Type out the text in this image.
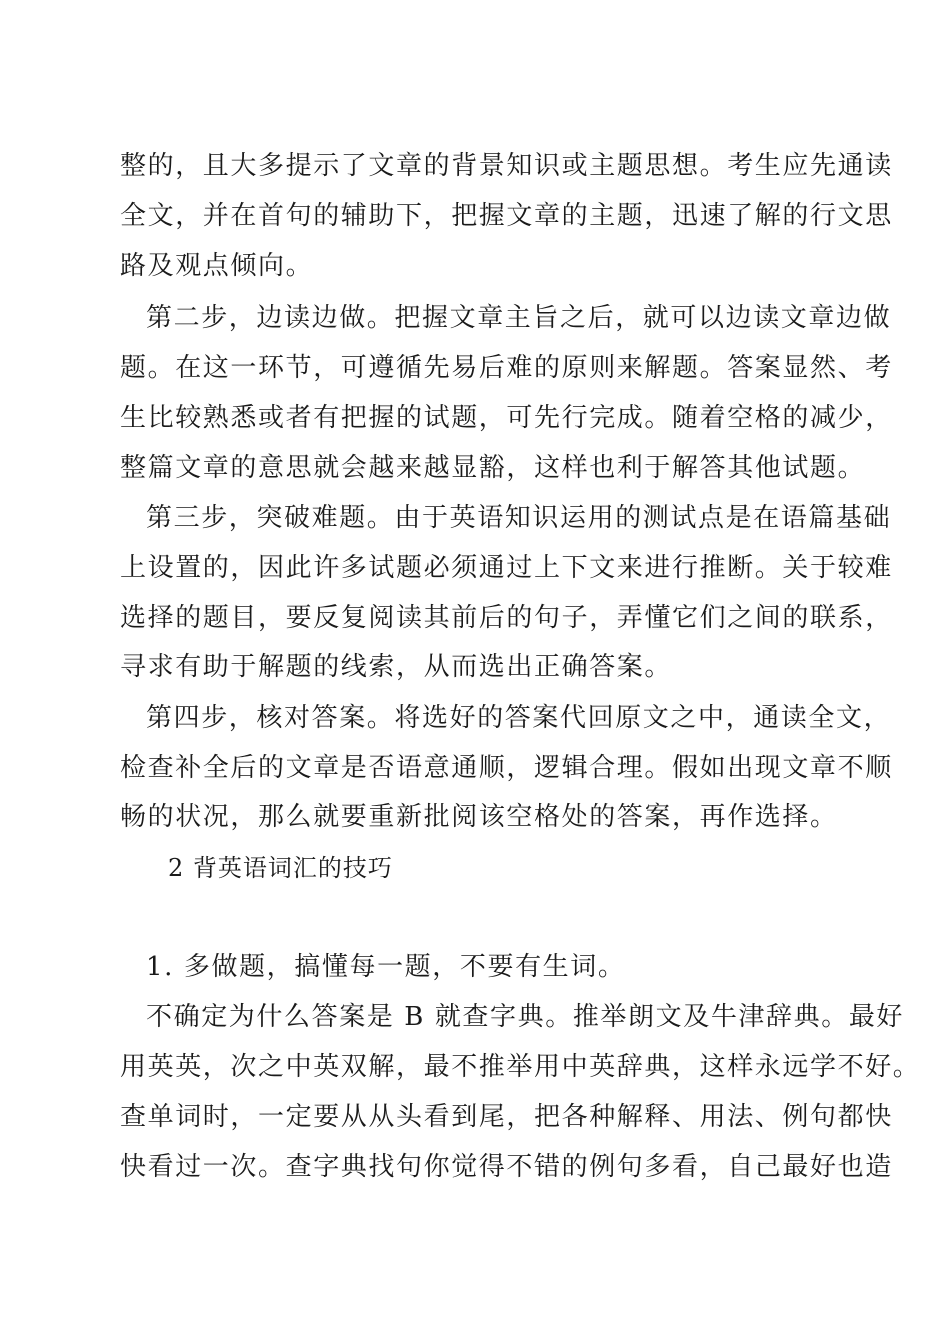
整的，且大多提示了文章的背景知识或主题思想。考生应先通读
全文，并在首句的辅助下，把握文章的主题，迅速了解的行文思
路及观点倾向。
第二步，边读边做。把握文章主旨之后，就可以边读文章边做
题。在这一环节，可遵循先易后难的原则来解题。答案显然、考
生比较熟悉或者有把握的试题，可先行完成。随着空格的减少，
整篇文章的意思就会越来越显豁，这样也利于解答其他试题。
第三步，突破难题。由于英语知识运用的测试点是在语篇基础
上设置的，因此许多试题必须通过上下文来进行推断。关于较难
选择的题目，要反复阅读其前后的句子，弄懂它们之间的联系，
寻求有助于解题的线索，从而选出正确答案。
第四步，核对答案。将选好的答案代回原文之中，通读全文，
检查补全后的文章是否语意通顺，逻辑合理。假如出现文章不顺
畅的状况，那么就要重新批阅该空格处的答案，再作选择。
2 背英语词汇的技巧
1. 多做题，搞懂每一题，不要有生词。
不确定为什么答案是 B 就查字典。推举朗文及牛津辞典。最好
用英英，次之中英双解，最不推举用中英辞典，这样永远学不好。
查单词时，一定要从从头看到尾，把各种解释、用法、例句都快
快看过一次。查字典找句你觉得不错的例句多看，自己最好也造
